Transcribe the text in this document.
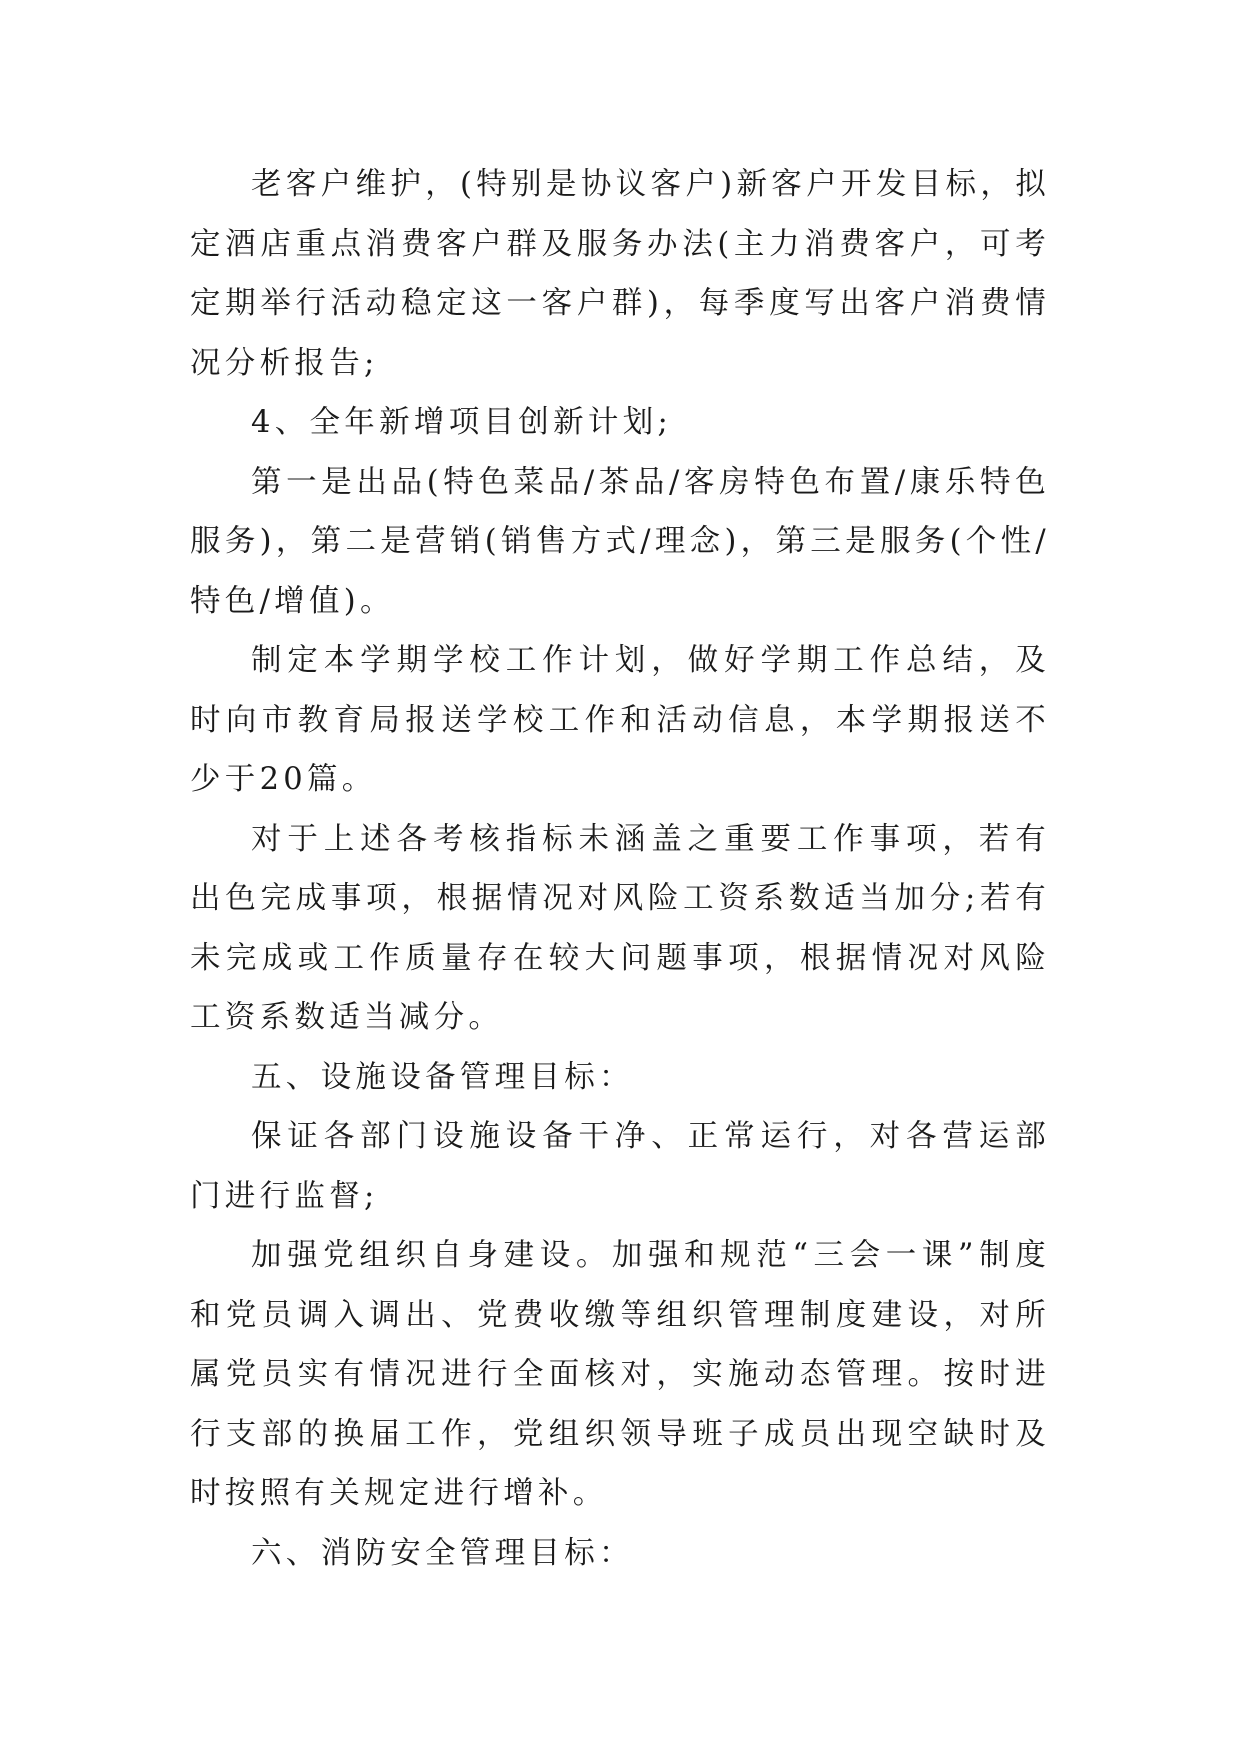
老客户维护，(特别是协议客户)新客户开发目标，拟定酒店重点消费客户群及服务办法(主力消费客户，可考定期举行活动稳定这一客户群)，每季度写出客户消费情况分析报告;

4、全年新增项目创新计划;

第一是出品(特色菜品/茶品/客房特色布置/康乐特色服务)，第二是营销(销售方式/理念)，第三是服务(个性/特色/增值)。

制定本学期学校工作计划，做好学期工作总结，及时向市教育局报送学校工作和活动信息，本学期报送不少于20篇。

对于上述各考核指标未涵盖之重要工作事项，若有出色完成事项，根据情况对风险工资系数适当加分;若有未完成或工作质量存在较大问题事项，根据情况对风险工资系数适当减分。

五、设施设备管理目标：

保证各部门设施设备干净、正常运行，对各营运部门进行监督;

加强党组织自身建设。加强和规范“三会一课”制度和党员调入调出、党费收缴等组织管理制度建设，对所属党员实有情况进行全面核对，实施动态管理。按时进行支部的换届工作，党组织领导班子成员出现空缺时及时按照有关规定进行增补。

六、消防安全管理目标：
